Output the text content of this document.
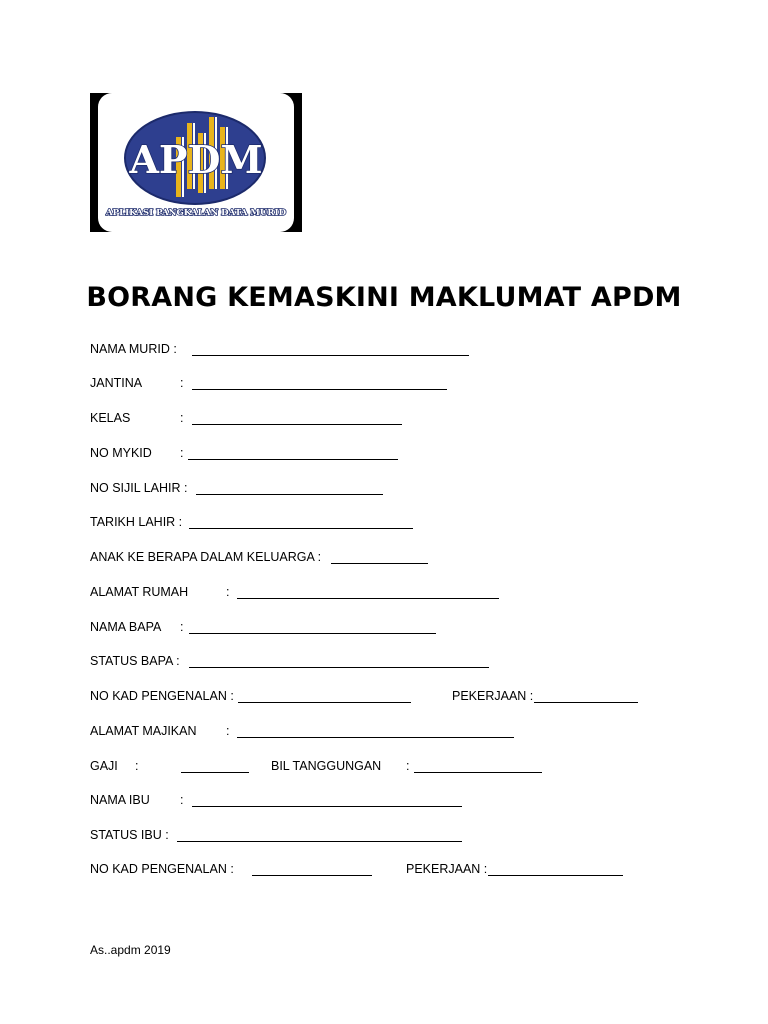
APDM
APLIKASI PANGKALAN DATA MURID
BORANG KEMASKINI MAKLUMAT APDM
NAMA MURID :
JANTINA	:
KELAS	:
NO MYKID :
NO SIJIL LAHIR :
TARIKH LAHIR :
ANAK KE BERAPA DALAM KELUARGA :
ALAMAT RUMAH	:
NAMA BAPA :
STATUS BAPA :
NO KAD PENGENALAN :	PEKERJAAN :
ALAMAT MAJIKAN :
GAJI :	BIL TANGGUNGAN :
NAMA IBU :
STATUS IBU :
NO KAD PENGENALAN :	PEKERJAAN :
As..apdm 2019
